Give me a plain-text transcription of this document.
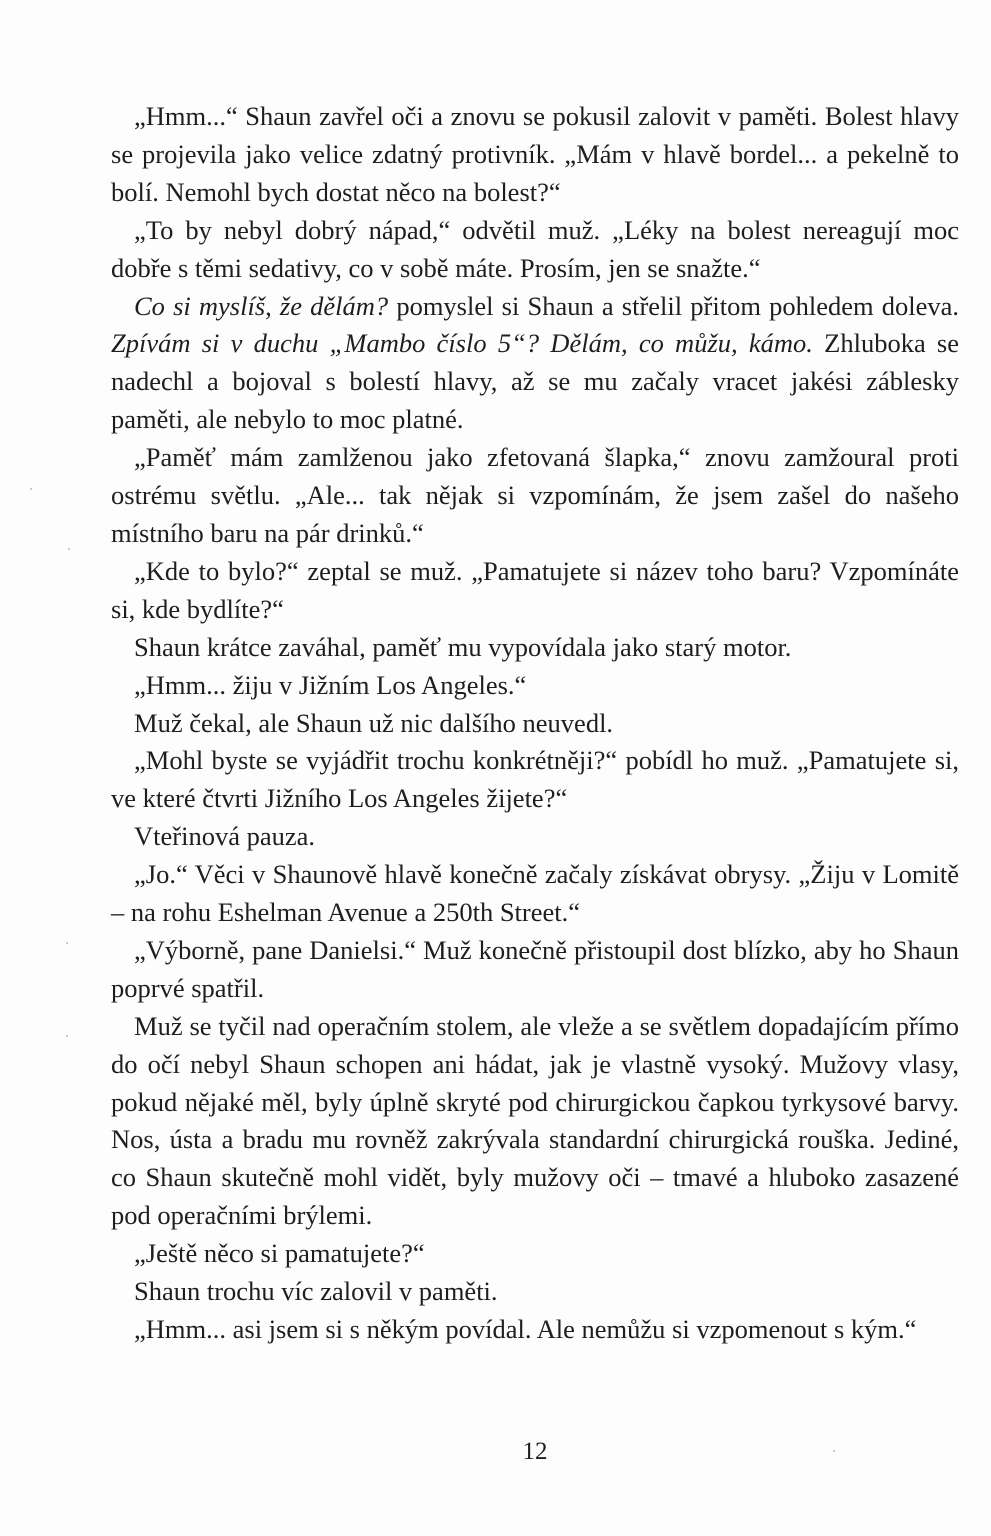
„Hmm...“ Shaun zavřel oči a znovu se pokusil zalovit v paměti. Bolest hlavy se projevila jako velice zdatný protivník. „Mám v hlavě bordel... a pekelně to bolí. Nemohl bych dostat něco na bolest?“

„To by nebyl dobrý nápad,“ odvětil muž. „Léky na bolest nereagují moc dobře s těmi sedativy, co v sobě máte. Prosím, jen se snažte.“

Co si myslíš, že dělám? pomyslel si Shaun a střelil přitom pohledem doleva. Zpívám si v duchu „Mambo číslo 5“? Dělám, co můžu, kámo. Zhluboka se nadechl a bojoval s bolestí hlavy, až se mu začaly vracet jakési záblesky paměti, ale nebylo to moc platné.

„Paměť mám zamlženou jako zfetovaná šlapka,“ znovu zamžoural proti ostrému světlu. „Ale... tak nějak si vzpomínám, že jsem zašel do našeho místního baru na pár drinků.“

„Kde to bylo?“ zeptal se muž. „Pamatujete si název toho baru? Vzpomínáte si, kde bydlíte?“

Shaun krátce zaváhal, paměť mu vypovídala jako starý motor.

„Hmm... žiju v Jižním Los Angeles.“

Muž čekal, ale Shaun už nic dalšího neuvedl.

„Mohl byste se vyjádřit trochu konkrétněji?“ pobídl ho muž. „Pamatujete si, ve které čtvrti Jižního Los Angeles žijete?“

Vteřinová pauza.

„Jo.“ Věci v Shaunově hlavě konečně začaly získávat obrysy. „Žiju v Lomitě – na rohu Eshelman Avenue a 250th Street.“

„Výborně, pane Danielsi.“ Muž konečně přistoupil dost blízko, aby ho Shaun poprvé spatřil.

Muž se tyčil nad operačním stolem, ale vleže a se světlem dopadajícím přímo do očí nebyl Shaun schopen ani hádat, jak je vlastně vysoký. Mužovy vlasy, pokud nějaké měl, byly úplně skryté pod chirurgickou čapkou tyrkysové barvy. Nos, ústa a bradu mu rovněž zakrývala standardní chirurgická rouška. Jediné, co Shaun skutečně mohl vidět, byly mužovy oči – tmavé a hluboko zasazené pod operačními brýlemi.

„Ještě něco si pamatujete?“

Shaun trochu víc zalovil v paměti.

„Hmm... asi jsem si s někým povídal. Ale nemůžu si vzpomenout s kým.“

12
